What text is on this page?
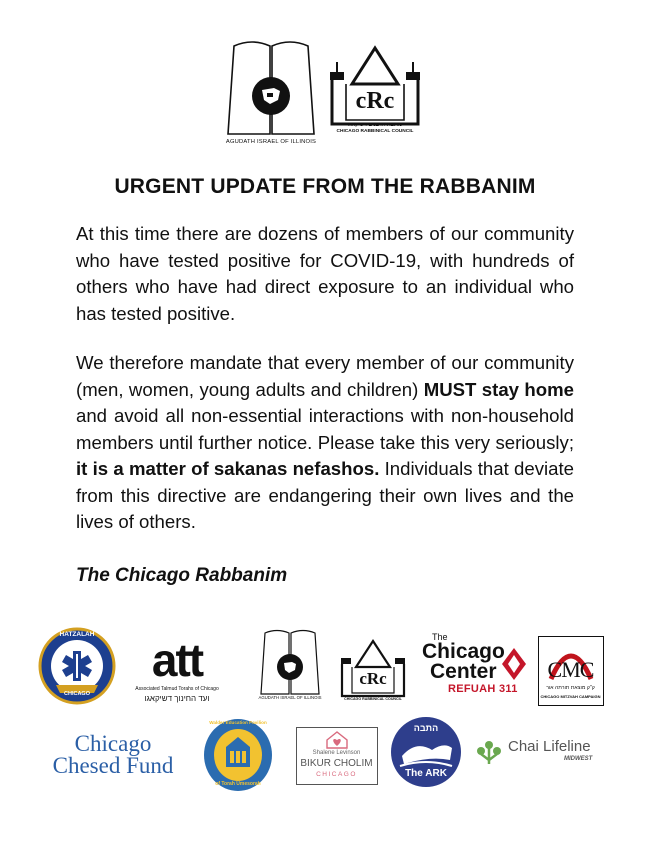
AGUDATH ISRAEL OF ILLINOIS
cRc
מועצת הרבנים דשיקאגו
CHICAGO RABBINICAL COUNCIL
URGENT UPDATE FROM THE RABBANIM

At this time there are dozens of members of our community who have tested positive for COVID-19, with hundreds of others who have had direct exposure to an individual who has tested positive.

We therefore mandate that every member of our community (men, women, young adults and children) MUST stay home and avoid all non-essential interactions with non-household members until further notice. Please take this very seriously; it is a matter of sakanas nefashos. Individuals that deviate from this directive are endangering their own lives and the lives of others.

The Chicago Rabbanim
HATZALAH
CHICAGO
att
Associated Talmud Torahs of Chicago
ועד החינוך דשיקאגו	AGUDATH ISRAEL OF ILLINOIS
cRc
CHICAGO RABBINICAL COUNCIL
The
Chicago
Center
REFUAH 311
CMC
ק"ק מוצאת תורתה אור
CHICAGO MITZVAH CAMPAIGN
Chicago
Chesed Fund
Walder Education Pavilion
of Torah Umesorah
Shalene Levinson
BIKUR CHOLIM
CHICAGO
התבה
The ARK
Chai Lifeline
MIDWEST
